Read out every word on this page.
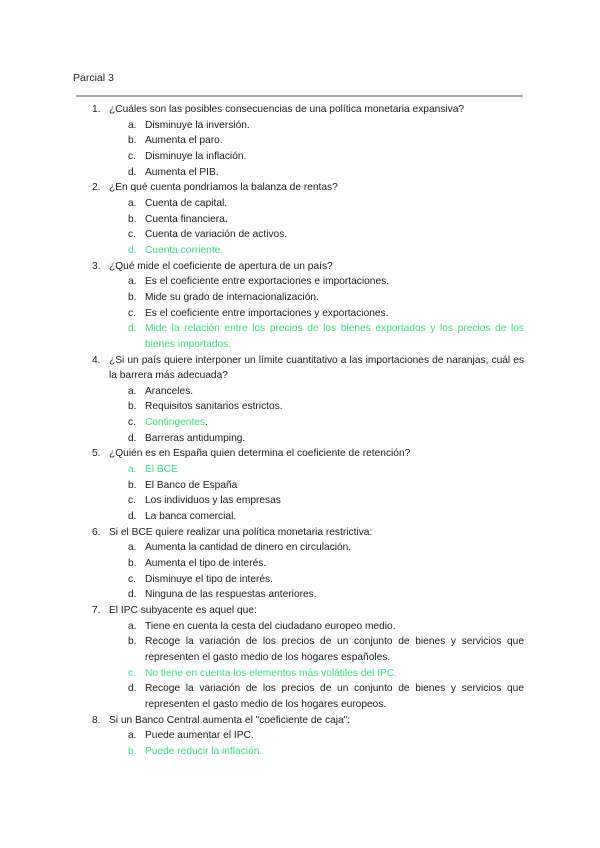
Parcial 3
1. ¿Cuáles son las posibles consecuencias de una política monetaria expansiva?
a. Disminuye la inversión.
b. Aumenta el paro.
c. Disminuye la inflación.
d. Aumenta el PIB.
2. ¿En qué cuenta pondríamos la balanza de rentas?
a. Cuenta de capital.
b. Cuenta financiera.
c. Cuenta de variación de activos.
d. Cuenta corriente.
3. ¿Qué mide el coeficiente de apertura de un país?
a. Es el coeficiente entre exportaciones e importaciones.
b. Mide su grado de internacionalización.
c. Es el coeficiente entre importaciones y exportaciones.
d. Mide la relación entre los precios de los bienes exportados y los precios de los bienes importados.
4. ¿Si un país quiere interponer un límite cuantitativo a las importaciones de naranjas, cuál es la barrera más adecuada?
a. Aranceles.
b. Requisitos sanitarios estrictos.
c. Contingentes.
d. Barreras antidumping.
5. ¿Quién es en España quien determina el coeficiente de retención?
a. El BCE
b. El Banco de España
c. Los individuos y las empresas
d. La banca comercial.
6. Si el BCE quiere realizar una política monetaria restrictiva:
a. Aumenta la cantidad de dinero en circulación.
b. Aumenta el tipo de interés.
c. Disminuye el tipo de interés.
d. Ninguna de las respuestas anteriores.
7. El IPC subyacente es aquel que:
a. Tiene en cuenta la cesta del ciudadano europeo medio.
b. Recoge la variación de los precios de un conjunto de bienes y servicios que representen el gasto medio de los hogares españoles.
c. No tiene en cuenta los elementos más volátiles del IPC.
d. Recoge la variación de los precios de un conjunto de bienes y servicios que representen el gasto medio de los hogares europeos.
8. Si un Banco Central aumenta el "coeficiente de caja":
a. Puede aumentar el IPC.
b. Puede reducir la inflación.
